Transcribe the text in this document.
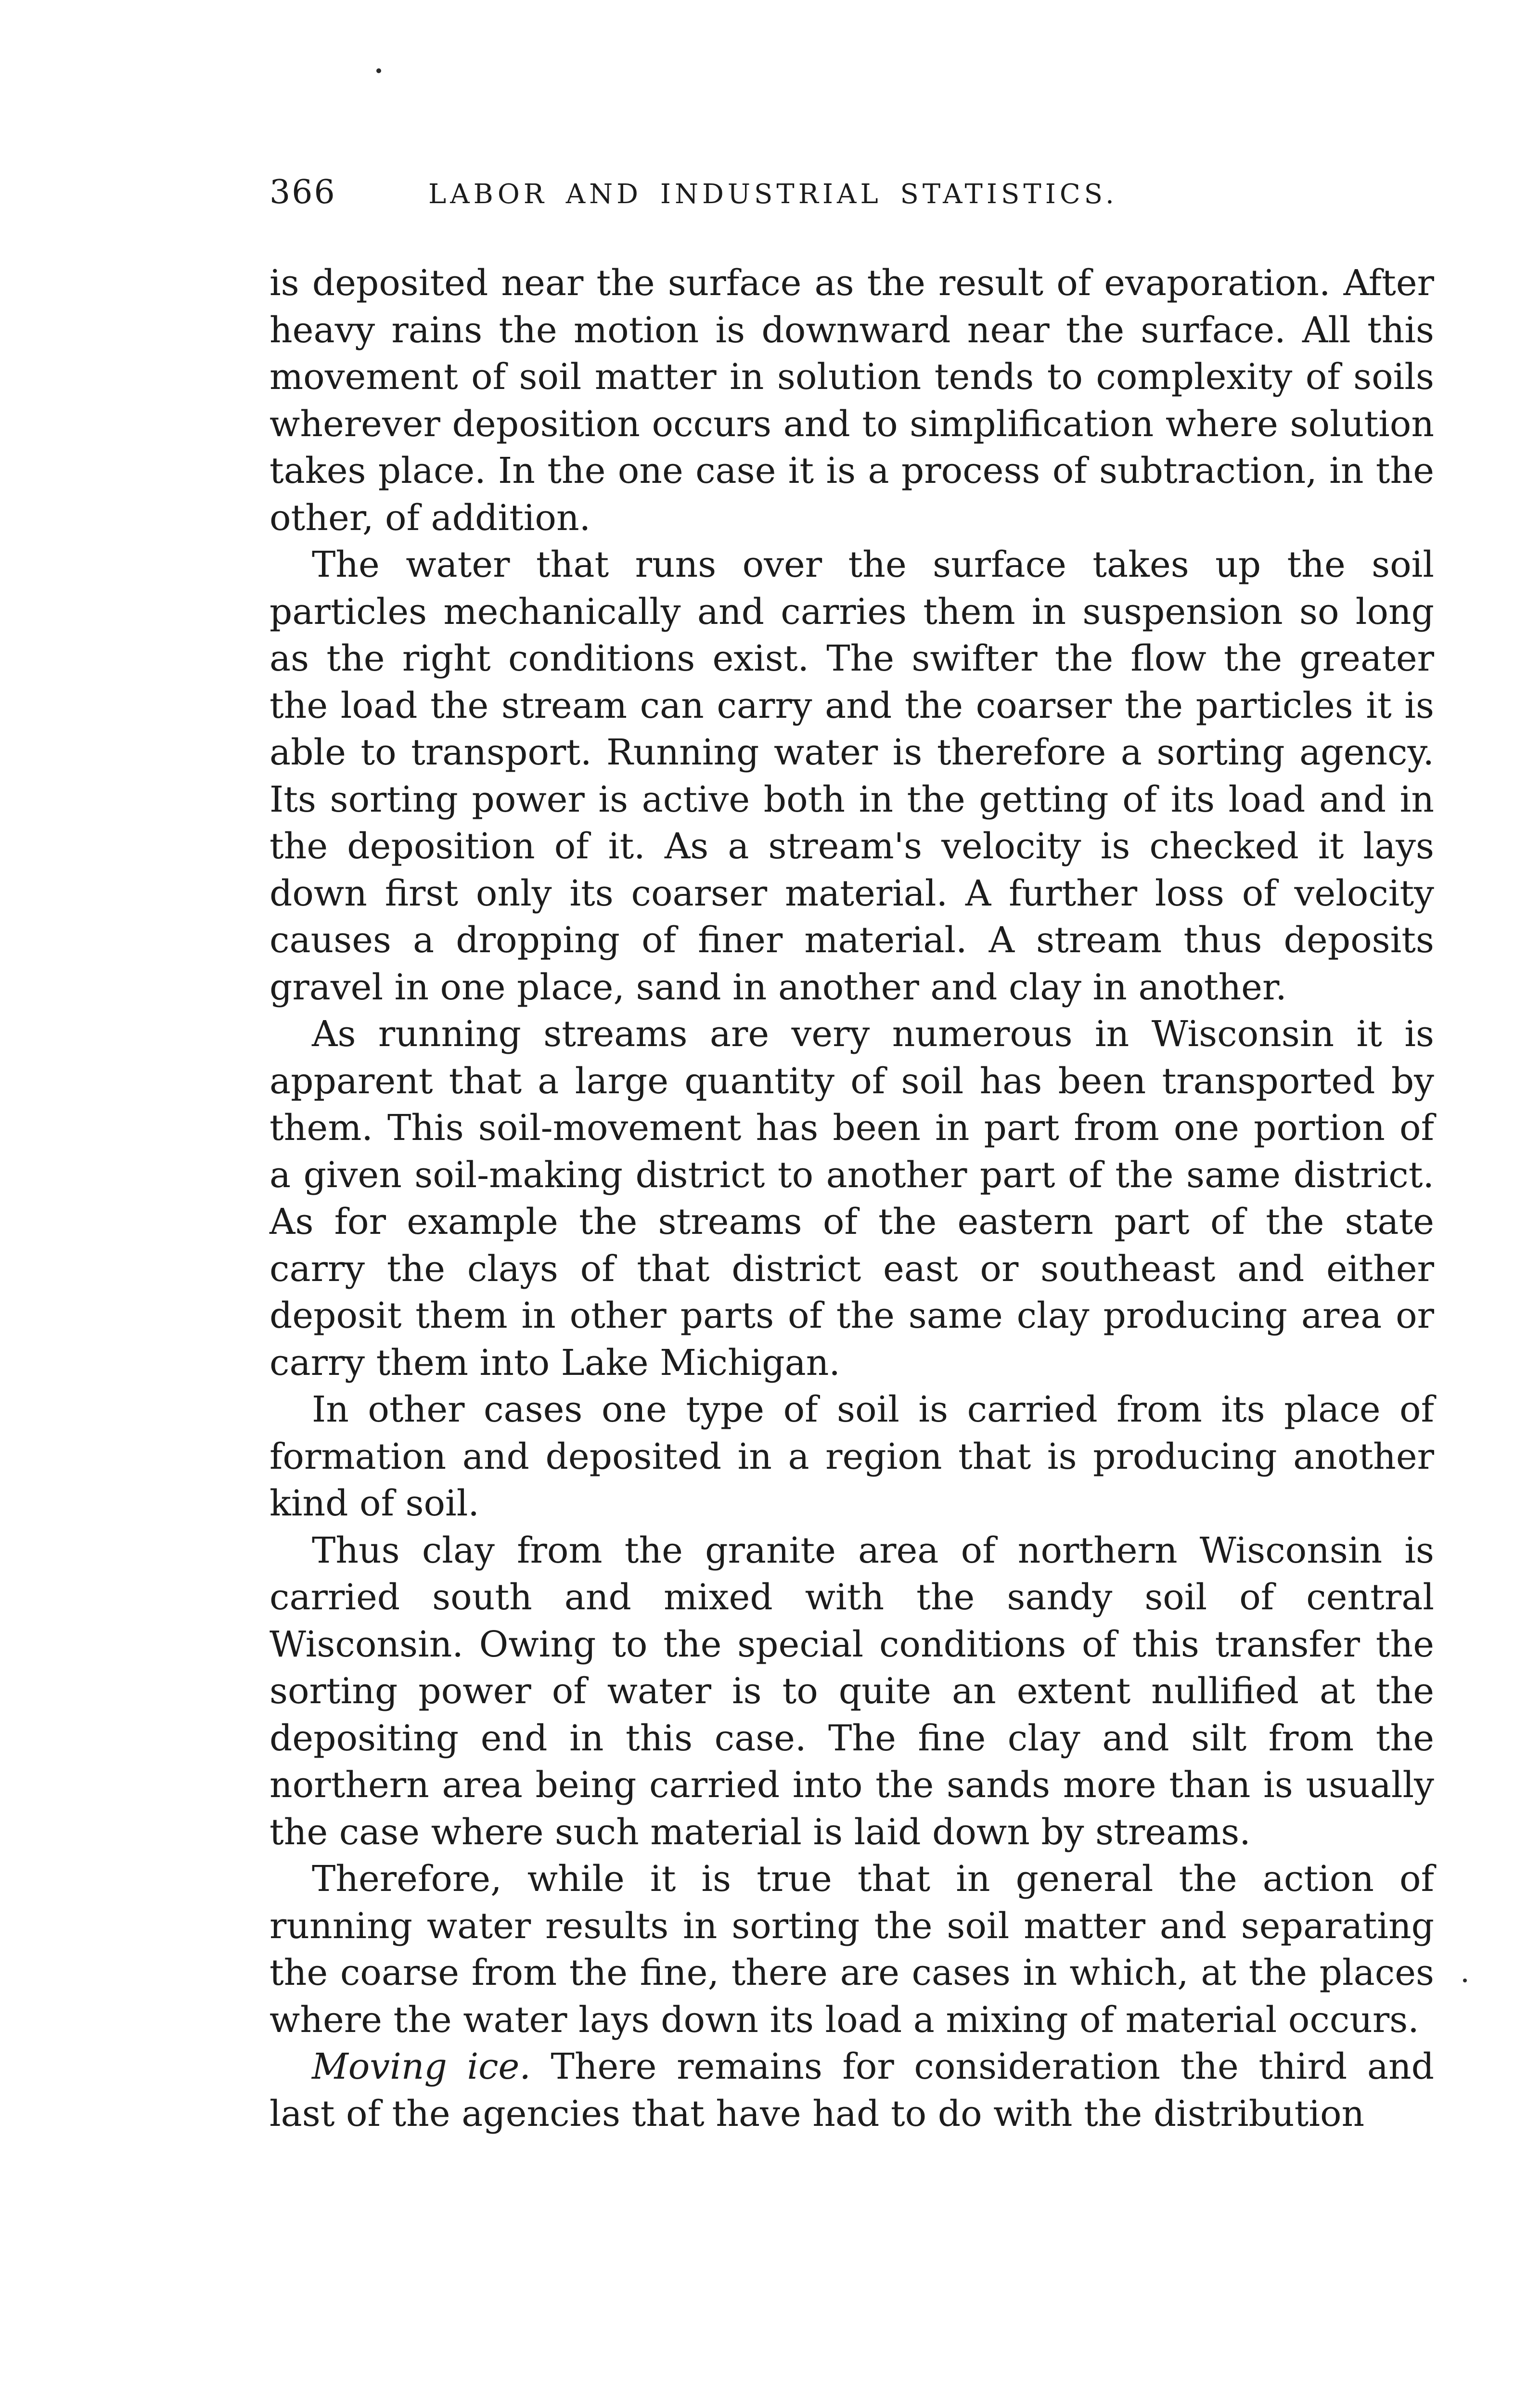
366	LABOR AND INDUSTRIAL STATISTICS.

is deposited near the surface as the result of evaporation. After heavy rains the motion is downward near the surface. All this movement of soil matter in solution tends to complexity of soils wherever deposition occurs and to simplification where solution takes place. In the one case it is a process of subtraction, in the other, of addition.

The water that runs over the surface takes up the soil particles mechanically and carries them in suspension so long as the right conditions exist. The swifter the flow the greater the load the stream can carry and the coarser the particles it is able to transport. Running water is therefore a sorting agency. Its sorting power is active both in the getting of its load and in the deposition of it. As a stream's velocity is checked it lays down first only its coarser material. A further loss of velocity causes a dropping of finer material. A stream thus deposits gravel in one place, sand in another and clay in another.

As running streams are very numerous in Wisconsin it is apparent that a large quantity of soil has been transported by them. This soil-movement has been in part from one portion of a given soil-making district to another part of the same district. As for example the streams of the eastern part of the state carry the clays of that district east or southeast and either deposit them in other parts of the same clay producing area or carry them into Lake Michigan.

In other cases one type of soil is carried from its place of formation and deposited in a region that is producing another kind of soil.

Thus clay from the granite area of northern Wisconsin is carried south and mixed with the sandy soil of central Wisconsin. Owing to the special conditions of this transfer the sorting power of water is to quite an extent nullified at the depositing end in this case. The fine clay and silt from the northern area being carried into the sands more than is usually the case where such material is laid down by streams.

Therefore, while it is true that in general the action of running water results in sorting the soil matter and separating the coarse from the fine, there are cases in which, at the places where the water lays down its load a mixing of material occurs.

Moving ice. There remains for consideration the third and last of the agencies that have had to do with the distribution
